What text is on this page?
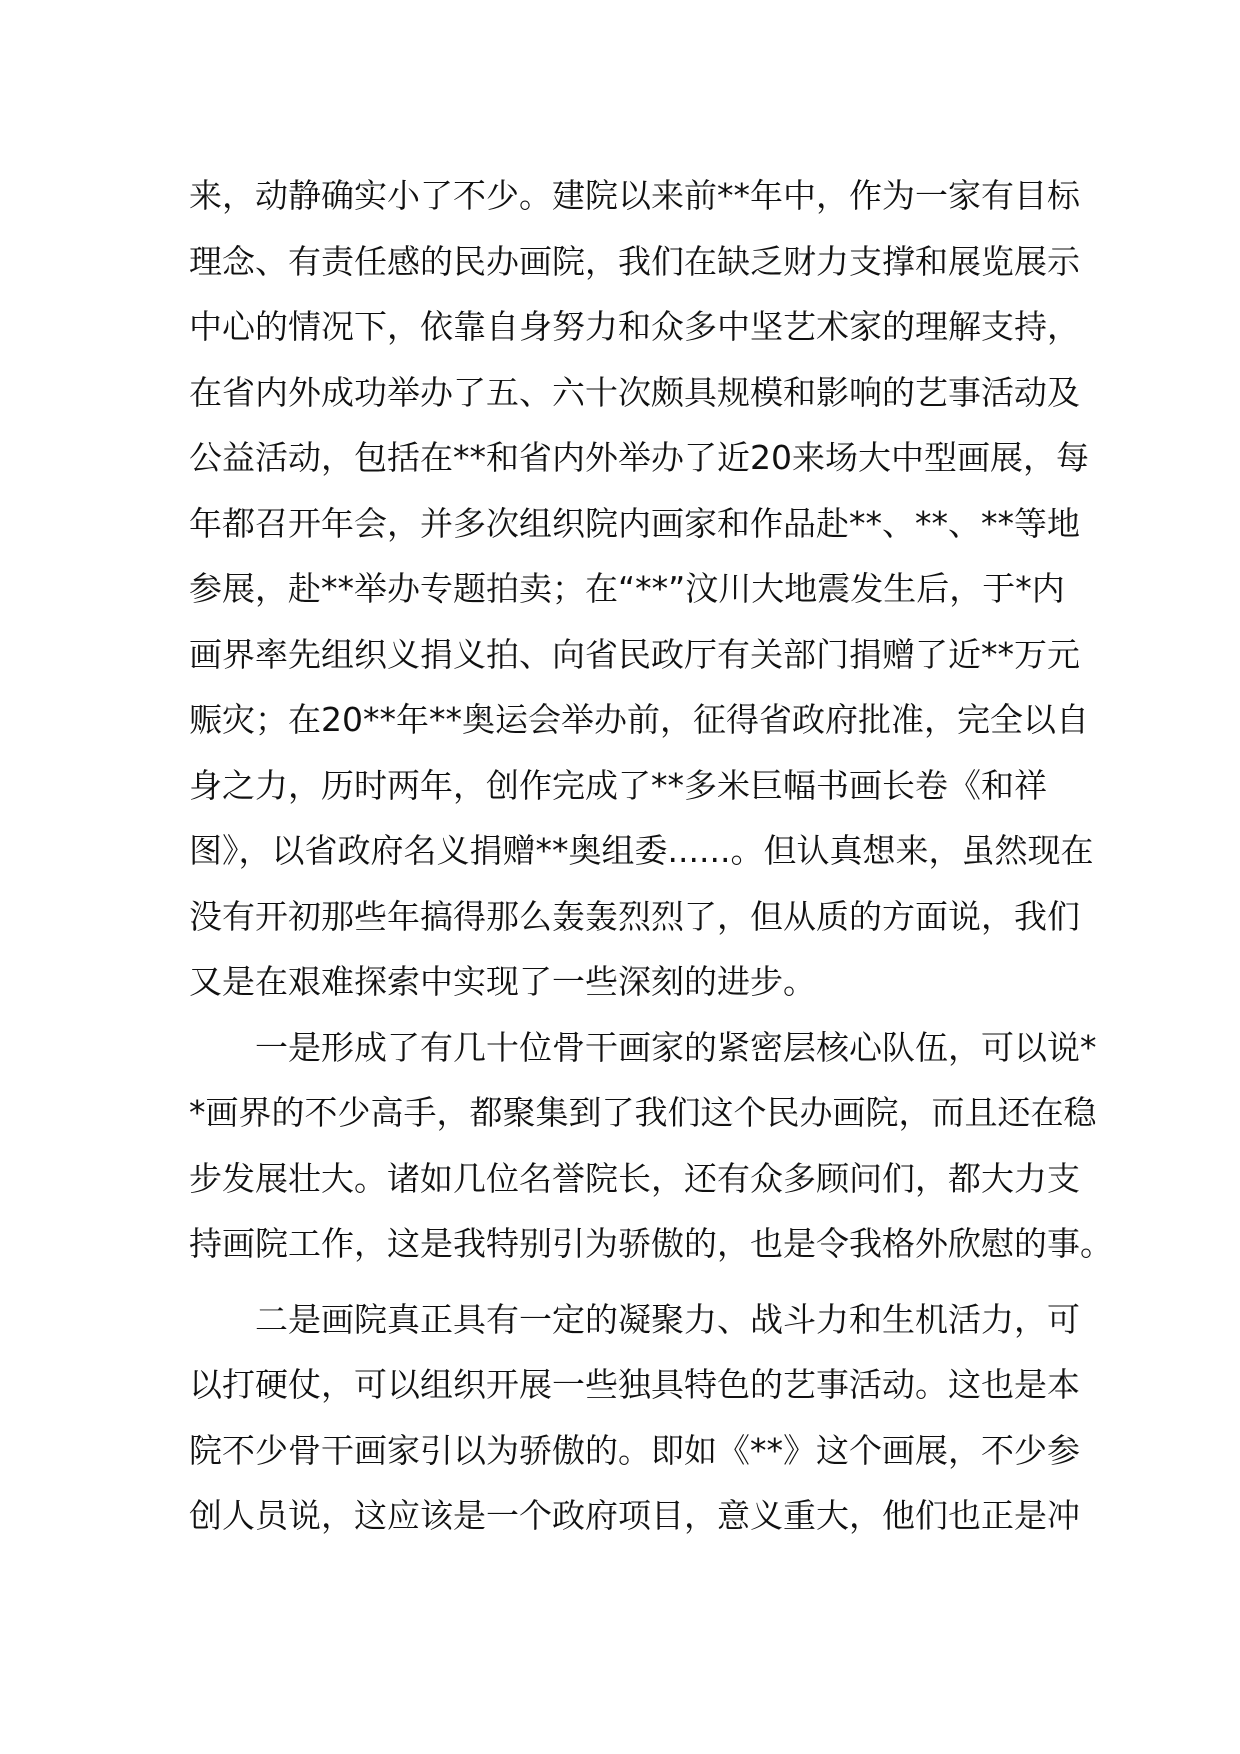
来，动静确实小了不少。建院以来前**年中，作为一家有目标
理念、有责任感的民办画院，我们在缺乏财力支撑和展览展示
中心的情况下，依靠自身努力和众多中坚艺术家的理解支持，
在省内外成功举办了五、六十次颇具规模和影响的艺事活动及
公益活动，包括在**和省内外举办了近20来场大中型画展，每
年都召开年会，并多次组织院内画家和作品赴**、**、**等地
参展，赴**举办专题拍卖；在“**”汶川大地震发生后，于*内
画界率先组织义捐义拍、向省民政厅有关部门捐赠了近**万元
赈灾；在20**年**奥运会举办前，征得省政府批准，完全以自
身之力，历时两年，创作完成了**多米巨幅书画长卷《和祥
图》，以省政府名义捐赠**奥组委......。但认真想来，虽然现在
没有开初那些年搞得那么轰轰烈烈了，但从质的方面说，我们
又是在艰难探索中实现了一些深刻的进步。
　　一是形成了有几十位骨干画家的紧密层核心队伍，可以说*
*画界的不少高手，都聚集到了我们这个民办画院，而且还在稳
步发展壮大。诸如几位名誉院长，还有众多顾问们，都大力支
持画院工作，这是我特别引为骄傲的，也是令我格外欣慰的事。
　　二是画院真正具有一定的凝聚力、战斗力和生机活力，可
以打硬仗，可以组织开展一些独具特色的艺事活动。这也是本
院不少骨干画家引以为骄傲的。即如《**》这个画展，不少参
创人员说，这应该是一个政府项目，意义重大，他们也正是冲
